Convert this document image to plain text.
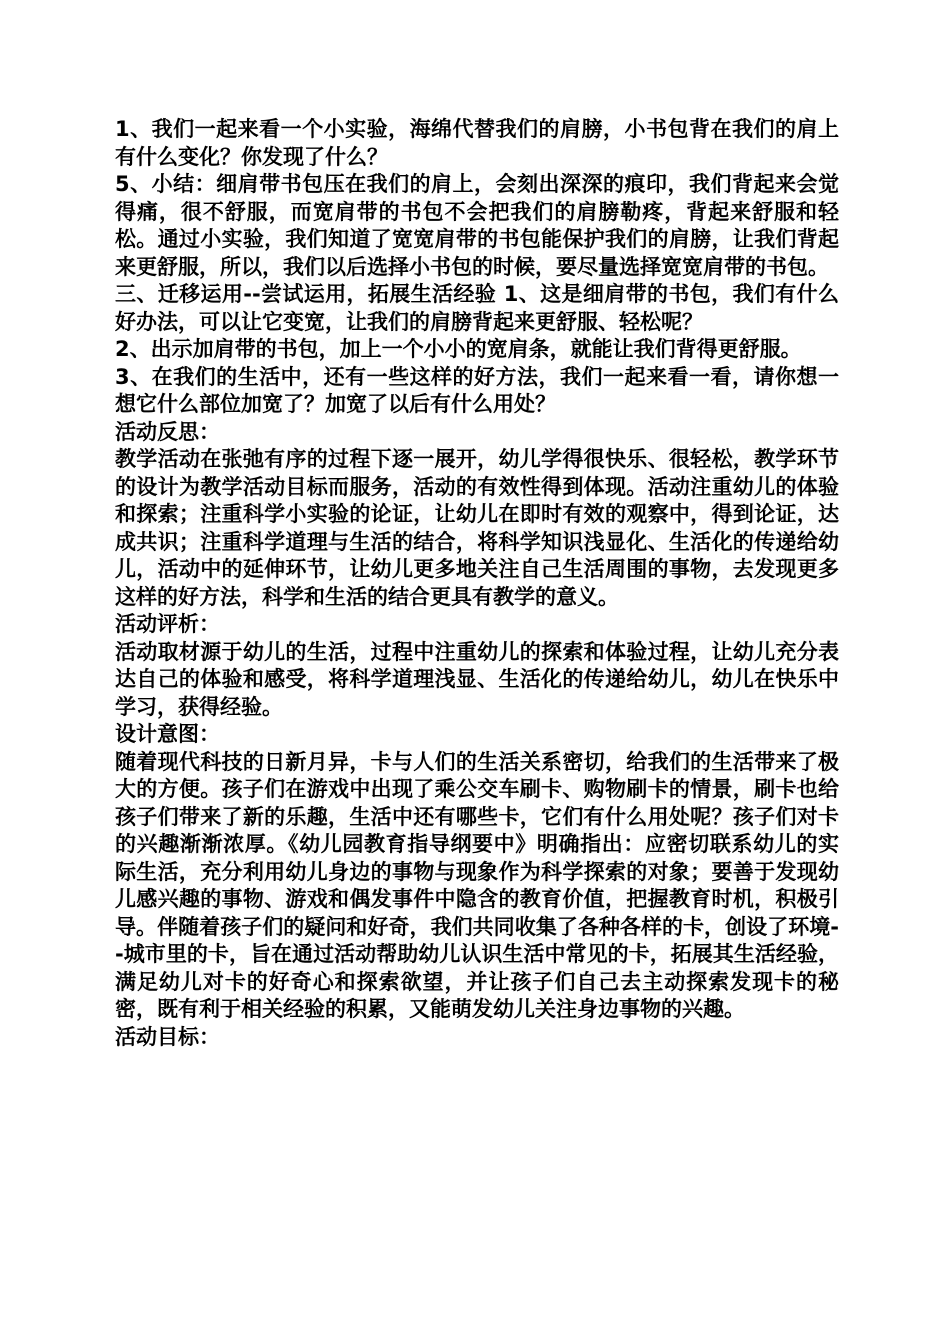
1、我们一起来看一个小实验，海绵代替我们的肩膀，小书包背在我们的肩上有什么变化？你发现了什么？

5、小结：细肩带书包压在我们的肩上，会刻出深深的痕印，我们背起来会觉得痛，很不舒服，而宽肩带的书包不会把我们的肩膀勒疼，背起来舒服和轻松。通过小实验，我们知道了宽宽肩带的书包能保护我们的肩膀，让我们背起来更舒服，所以，我们以后选择小书包的时候，要尽量选择宽宽肩带的书包。

三、迁移运用--尝试运用，拓展生活经验 1、这是细肩带的书包，我们有什么好办法，可以让它变宽，让我们的肩膀背起来更舒服、轻松呢？

2、出示加肩带的书包，加上一个小小的宽肩条，就能让我们背得更舒服。

3、在我们的生活中，还有一些这样的好方法，我们一起来看一看，请你想一想它什么部位加宽了？加宽了以后有什么用处？

活动反思：

教学活动在张弛有序的过程下逐一展开，幼儿学得很快乐、很轻松，教学环节的设计为教学活动目标而服务，活动的有效性得到体现。活动注重幼儿的体验和探索；注重科学小实验的论证，让幼儿在即时有效的观察中，得到论证，达成共识；注重科学道理与生活的结合，将科学知识浅显化、生活化的传递给幼儿，活动中的延伸环节，让幼儿更多地关注自己生活周围的事物，去发现更多这样的好方法，科学和生活的结合更具有教学的意义。

活动评析：

活动取材源于幼儿的生活，过程中注重幼儿的探索和体验过程，让幼儿充分表达自己的体验和感受，将科学道理浅显、生活化的传递给幼儿，幼儿在快乐中学习，获得经验。

设计意图：

随着现代科技的日新月异，卡与人们的生活关系密切，给我们的生活带来了极大的方便。孩子们在游戏中出现了乘公交车刷卡、购物刷卡的情景，刷卡也给孩子们带来了新的乐趣，生活中还有哪些卡，它们有什么用处呢？孩子们对卡的兴趣渐渐浓厚。《幼儿园教育指导纲要中》明确指出：应密切联系幼儿的实际生活，充分利用幼儿身边的事物与现象作为科学探索的对象；要善于发现幼儿感兴趣的事物、游戏和偶发事件中隐含的教育价值，把握教育时机，积极引导。伴随着孩子们的疑问和好奇，我们共同收集了各种各样的卡，创设了环境--城市里的卡，旨在通过活动帮助幼儿认识生活中常见的卡，拓展其生活经验，满足幼儿对卡的好奇心和探索欲望，并让孩子们自己去主动探索发现卡的秘密，既有利于相关经验的积累，又能萌发幼儿关注身边事物的兴趣。

活动目标：
